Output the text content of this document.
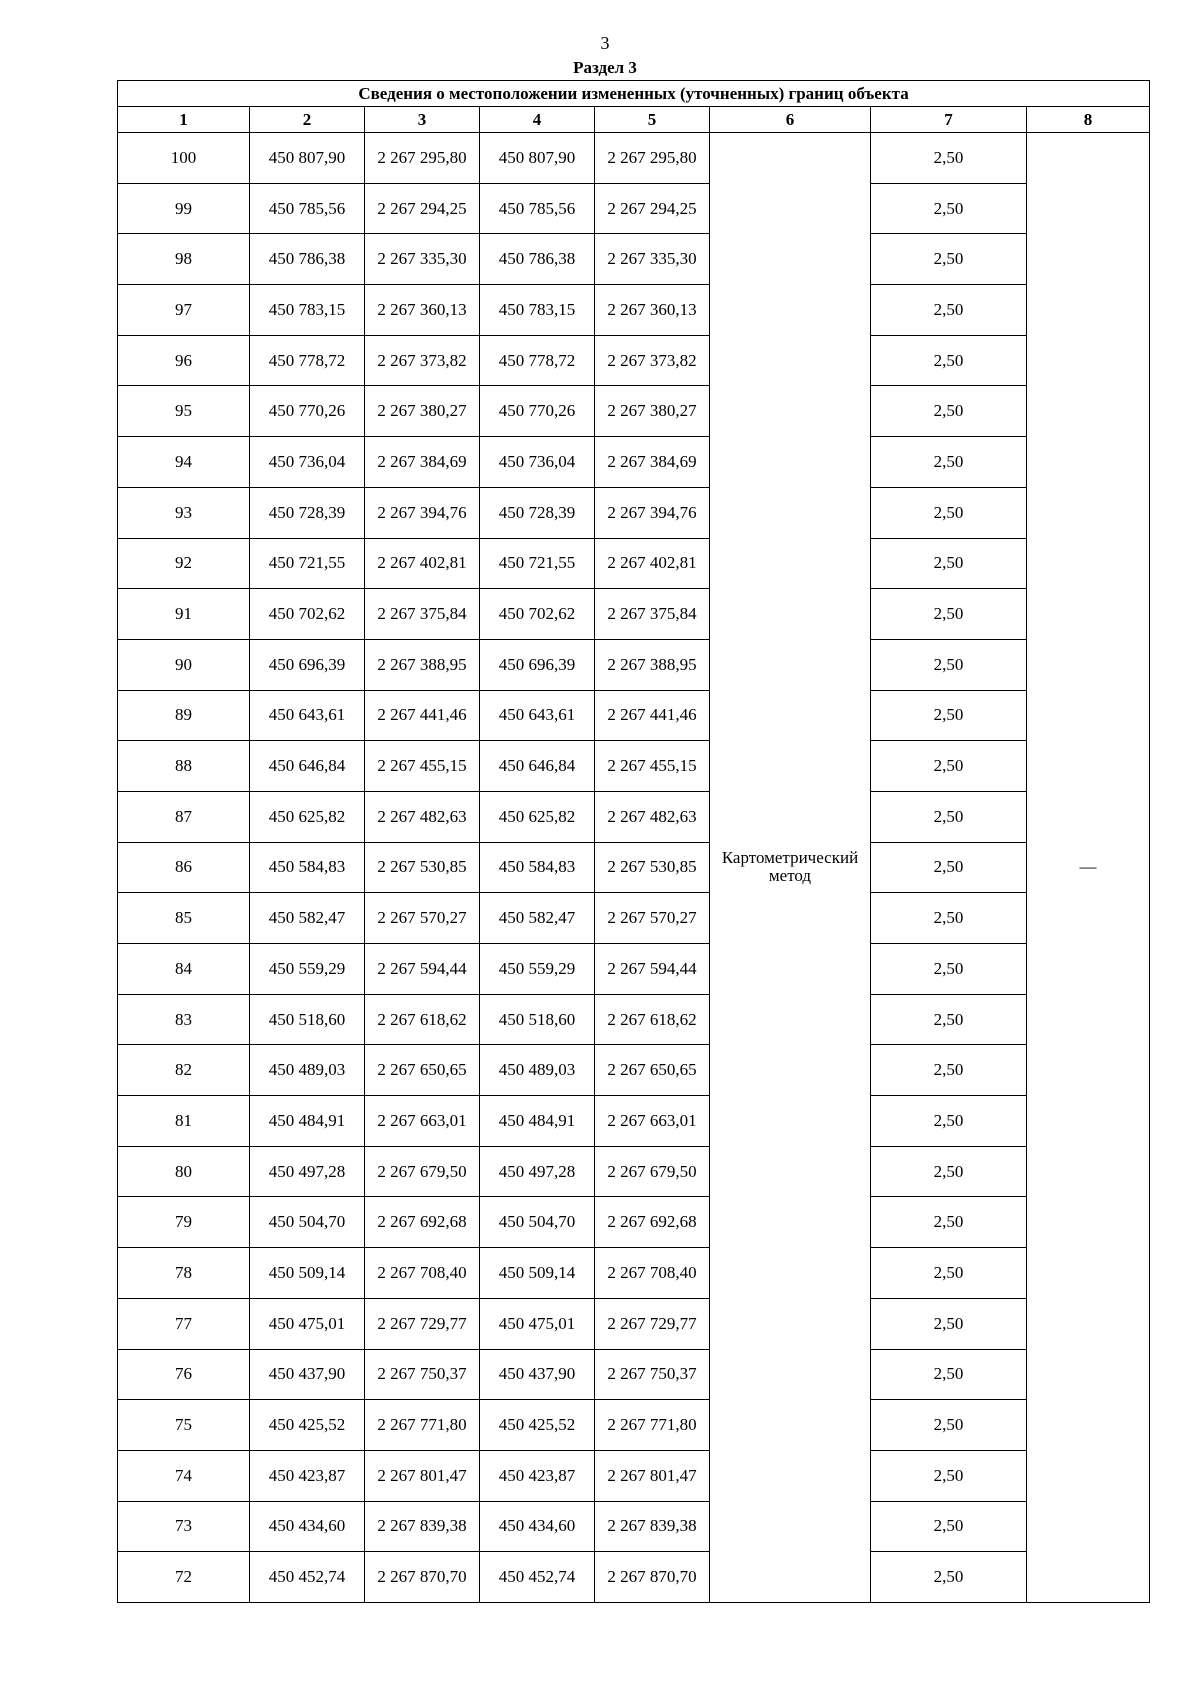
3
Раздел 3
Сведения о местоположении измененных (уточненных) границ объекта							
1	2	3	4	5	6	7	8
100	450 807,90	2 267 295,80	450 807,90	2 267 295,80	Картометрический метод	2,50	—
99	450 785,56	2 267 294,25	450 785,56	2 267 294,25		2,50	
98	450 786,38	2 267 335,30	450 786,38	2 267 335,30		2,50	
97	450 783,15	2 267 360,13	450 783,15	2 267 360,13		2,50	
96	450 778,72	2 267 373,82	450 778,72	2 267 373,82		2,50	
95	450 770,26	2 267 380,27	450 770,26	2 267 380,27		2,50	
94	450 736,04	2 267 384,69	450 736,04	2 267 384,69		2,50	
93	450 728,39	2 267 394,76	450 728,39	2 267 394,76		2,50	
92	450 721,55	2 267 402,81	450 721,55	2 267 402,81		2,50	
91	450 702,62	2 267 375,84	450 702,62	2 267 375,84		2,50	
90	450 696,39	2 267 388,95	450 696,39	2 267 388,95		2,50	
89	450 643,61	2 267 441,46	450 643,61	2 267 441,46		2,50	
88	450 646,84	2 267 455,15	450 646,84	2 267 455,15		2,50	
87	450 625,82	2 267 482,63	450 625,82	2 267 482,63		2,50	
86	450 584,83	2 267 530,85	450 584,83	2 267 530,85		2,50	
85	450 582,47	2 267 570,27	450 582,47	2 267 570,27		2,50	
84	450 559,29	2 267 594,44	450 559,29	2 267 594,44		2,50	
83	450 518,60	2 267 618,62	450 518,60	2 267 618,62		2,50	
82	450 489,03	2 267 650,65	450 489,03	2 267 650,65		2,50	
81	450 484,91	2 267 663,01	450 484,91	2 267 663,01		2,50	
80	450 497,28	2 267 679,50	450 497,28	2 267 679,50		2,50	
79	450 504,70	2 267 692,68	450 504,70	2 267 692,68		2,50	
78	450 509,14	2 267 708,40	450 509,14	2 267 708,40		2,50	
77	450 475,01	2 267 729,77	450 475,01	2 267 729,77		2,50	
76	450 437,90	2 267 750,37	450 437,90	2 267 750,37		2,50	
75	450 425,52	2 267 771,80	450 425,52	2 267 771,80		2,50	
74	450 423,87	2 267 801,47	450 423,87	2 267 801,47		2,50	
73	450 434,60	2 267 839,38	450 434,60	2 267 839,38		2,50	
72	450 452,74	2 267 870,70	450 452,74	2 267 870,70		2,50	
